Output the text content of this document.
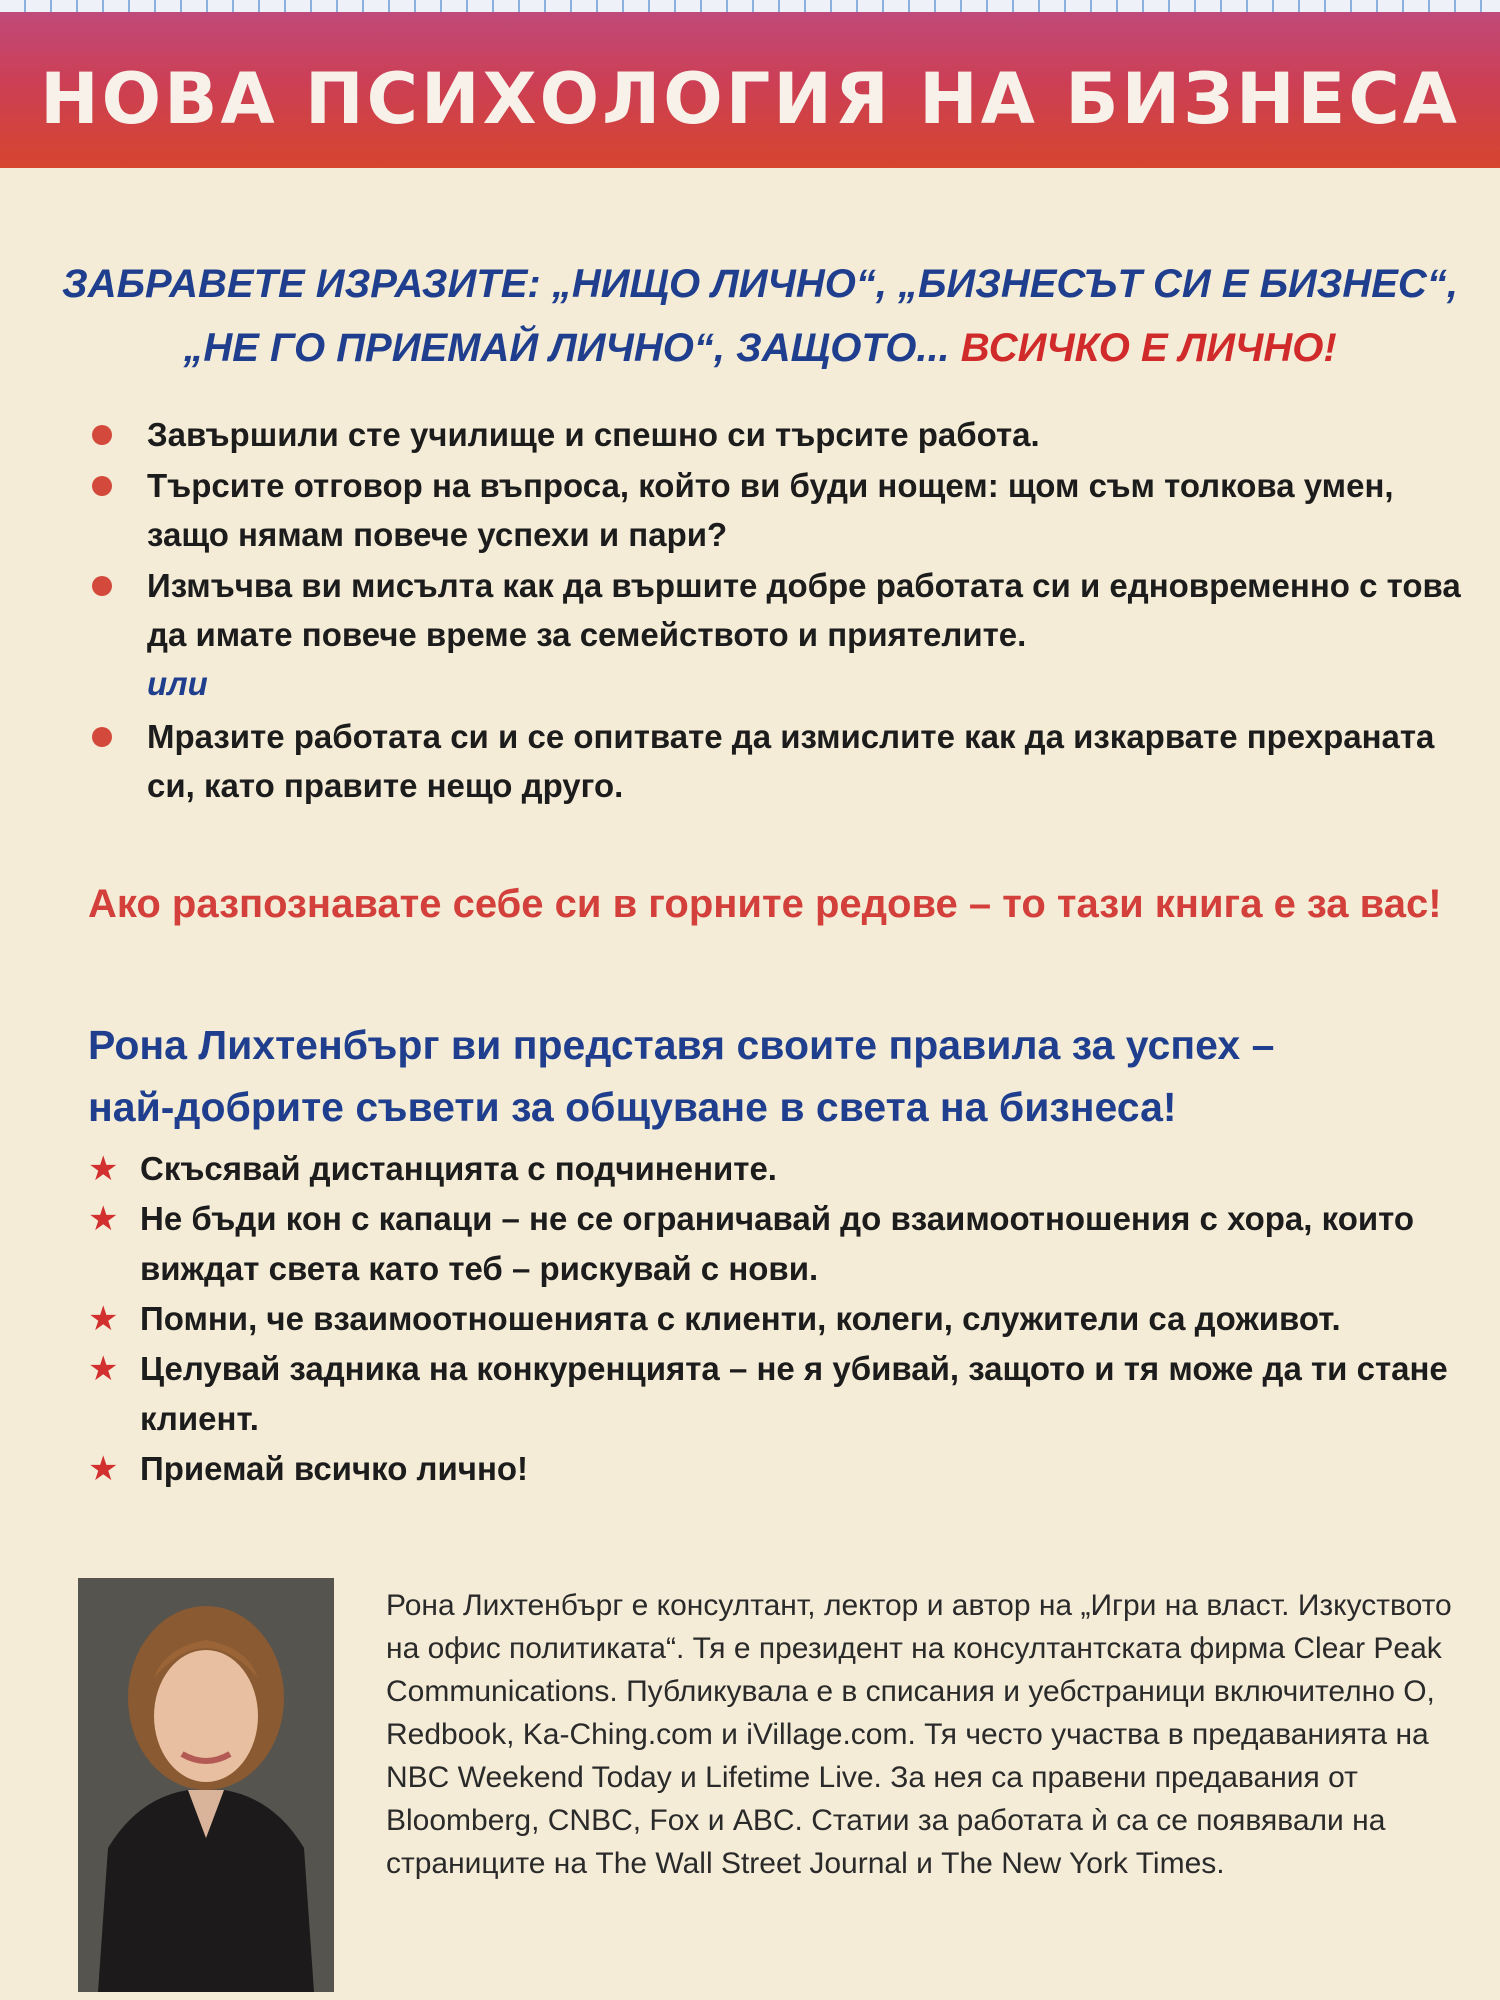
НОВА ПСИХОЛОГИЯ НА БИЗНЕСА
ЗАБРАВЕТЕ ИЗРАЗИТЕ: „НИЩО ЛИЧНО“, „БИЗНЕСЪТ СИ Е БИЗНЕС“,
„НЕ ГО ПРИЕМАЙ ЛИЧНО“, ЗАЩОТО... ВСИЧКО Е ЛИЧНО!
Завършили сте училище и спешно си търсите работа.
Търсите отговор на въпроса, който ви буди нощем: щом съм толкова умен, защо нямам повече успехи и пари?
Измъчва ви мисълта как да вършите добре работата си и едновременно с това да имате повече време за семейството и приятелите.
или
Мразите работата си и се опитвате да измислите как да изкарвате прехраната си, като правите нещо друго.
Ако разпознавате себе си в горните редове – то тази книга е за вас!
Рона Лихтенбърг ви представя своите правила за успех –
най-добрите съвети за общуване в света на бизнеса!
★ Скъсявай дистанцията с подчинените.
★ Не бъди кон с капаци – не се ограничавай до взаимоотношения с хора, които виждат света като теб – рискувай с нови.
★ Помни, че взаимоотношенията с клиенти, колеги, служители са доживот.
★ Целувай задника на конкуренцията – не я убивай, защото и тя може да ти стане клиент.
★ Приемай всичко лично!

Рона Лихтенбърг е консултант, лектор и автор на „Игри на власт. Изкуството на офис политиката“. Тя е президент на консултантската фирма Clear Peak Communications. Публикувала е в списания и уебстраници включително O, Redbook, Ka-Ching.com и iVillage.com. Тя често участва в предаванията на NBC Weekend Today и Lifetime Live. За нея са правени предавания от Bloomberg, CNBC, Fox и ABC. Статии за работата ѝ са се появявали на страниците на The Wall Street Journal и The New York Times.
